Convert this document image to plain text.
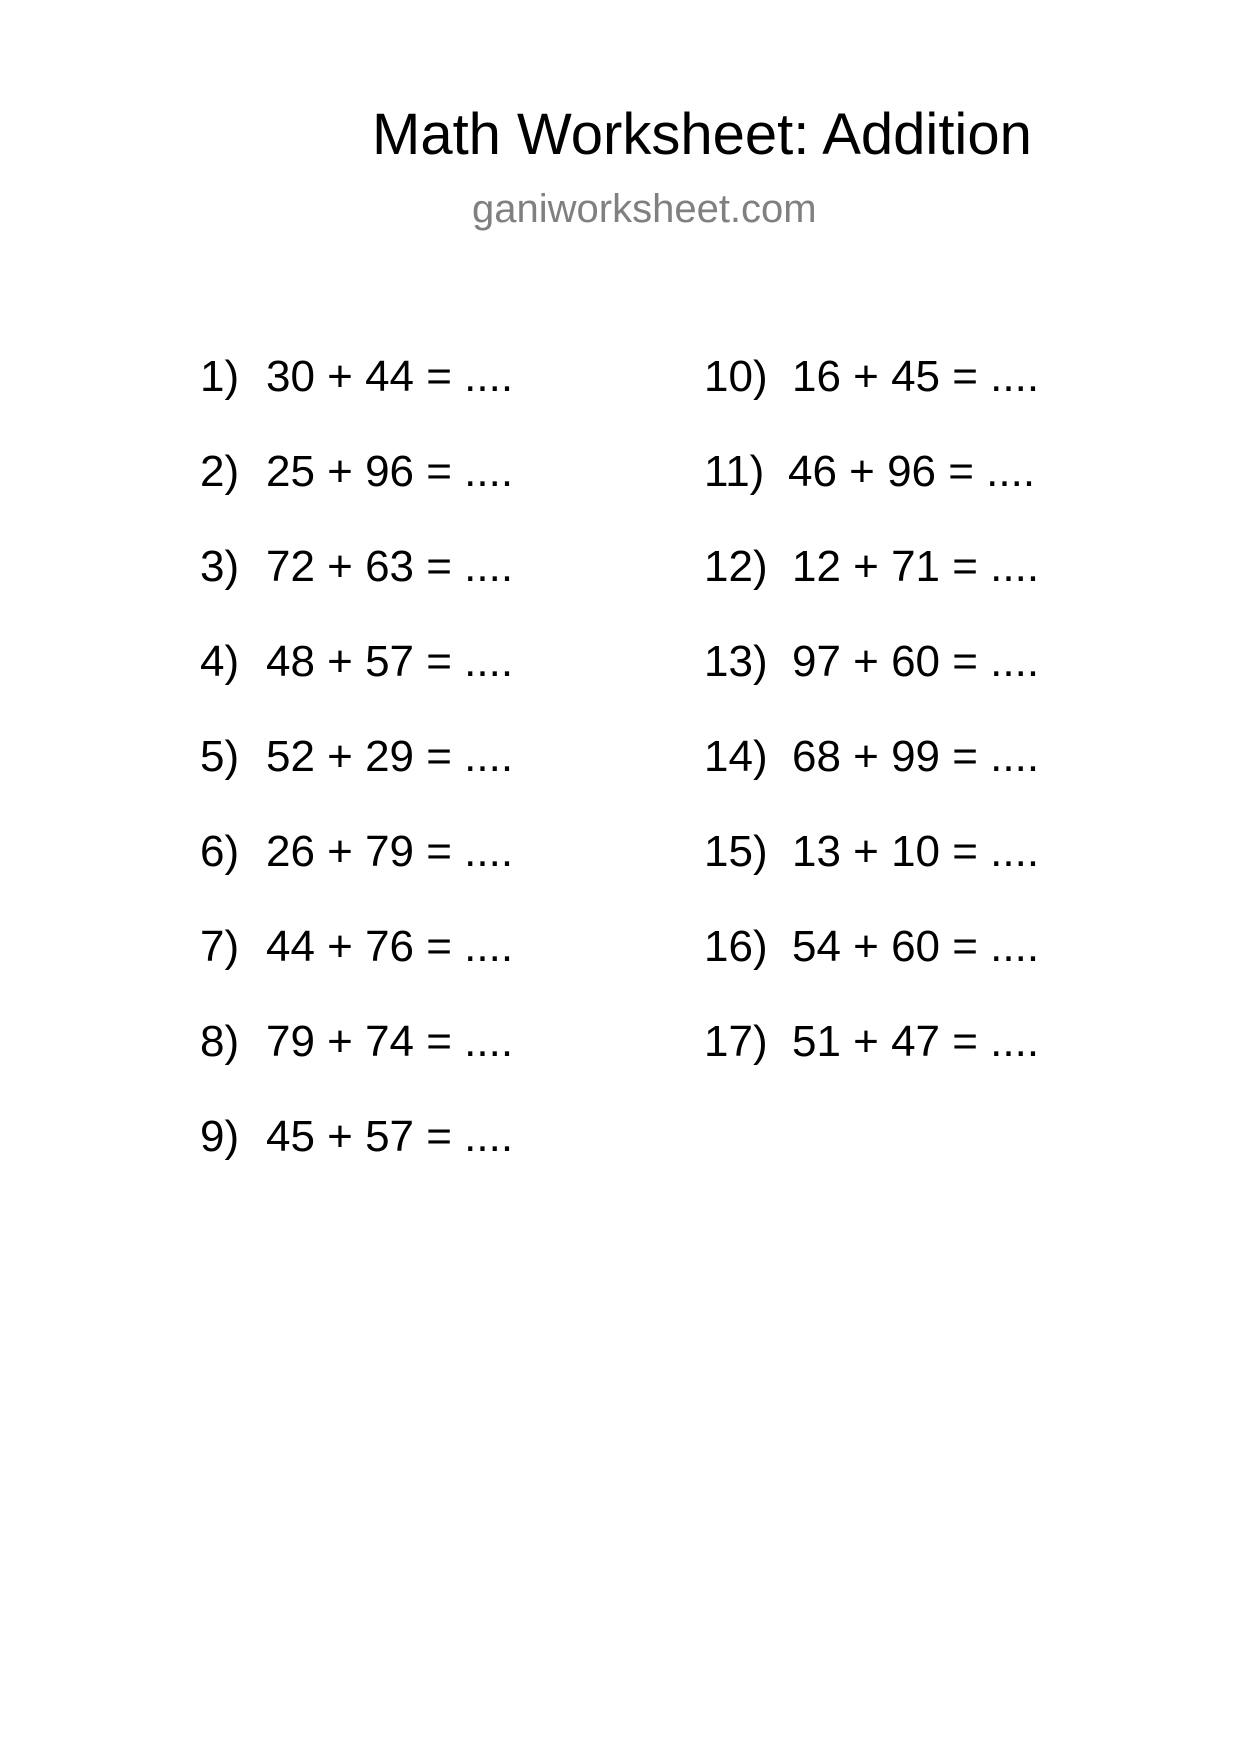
Math Worksheet: Addition
ganiworksheet.com
1) 30 + 44 = ....
2) 25 + 96 = ....
3) 72 + 63 = ....
4) 48 + 57 = ....
5) 52 + 29 = ....
6) 26 + 79 = ....
7) 44 + 76 = ....
8) 79 + 74 = ....
9) 45 + 57 = ....
10) 16 + 45 = ....
11) 46 + 96 = ....
12) 12 + 71 = ....
13) 97 + 60 = ....
14) 68 + 99 = ....
15) 13 + 10 = ....
16) 54 + 60 = ....
17) 51 + 47 = ....
